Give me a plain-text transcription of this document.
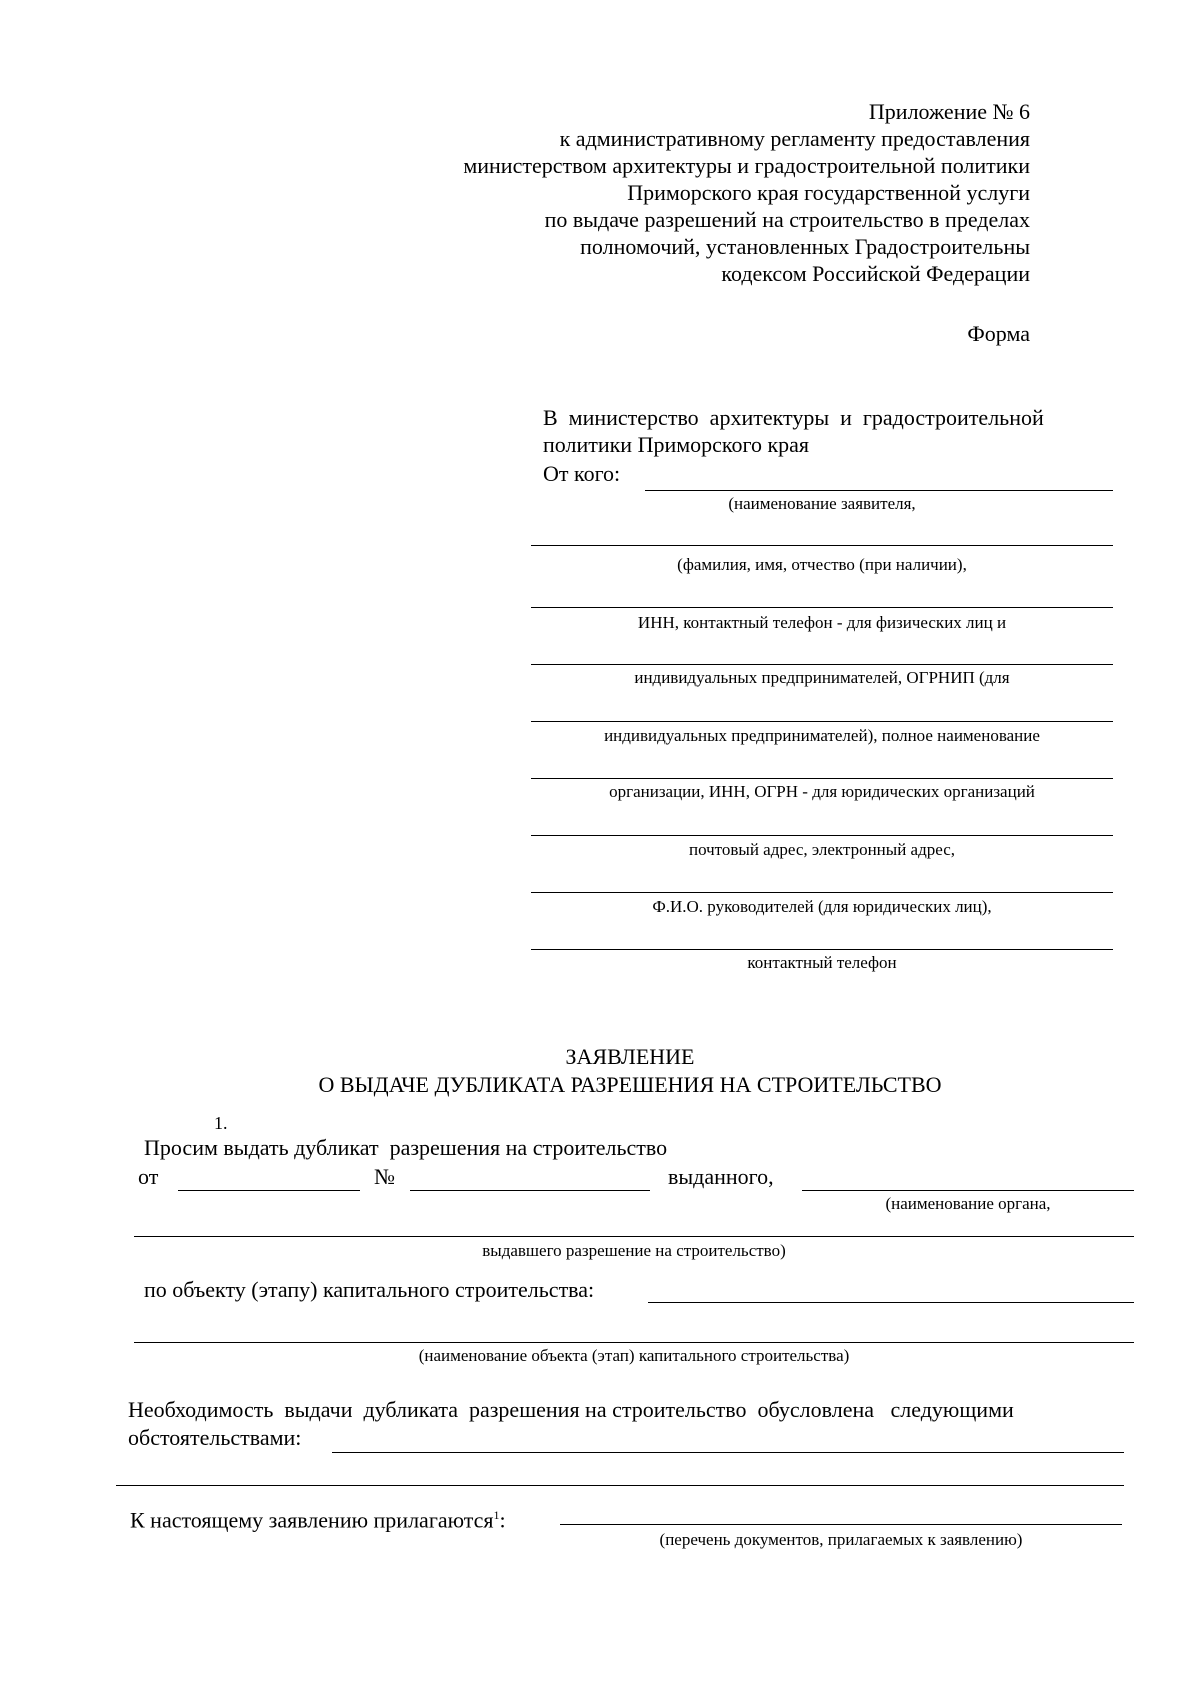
Приложение № 6
к административному регламенту предоставления
министерством архитектуры и градостроительной политики
Приморского края государственной услуги
по выдаче разрешений на строительство в пределах
полномочий, установленных Градостроительны
кодексом Российской Федерации
Форма
В  министерство  архитектуры  и  градостроительной
политики Приморского края
От кого:
(наименование заявителя,
(фамилия, имя, отчество (при наличии),
ИНН, контактный телефон - для физических лиц и
индивидуальных предпринимателей, ОГРНИП (для
индивидуальных предпринимателей), полное наименование
организации, ИНН, ОГРН - для юридических организаций
почтовый адрес, электронный адрес,
Ф.И.О. руководителей (для юридических лиц),
контактный телефон
ЗАЯВЛЕНИЕ
О ВЫДАЧЕ ДУБЛИКАТА РАЗРЕШЕНИЯ НА СТРОИТЕЛЬСТВО
1.
Просим выдать дубликат  разрешения на строительство
от	№	выданного,
(наименование органа,
выдавшего разрешение на строительство)
по объекту (этапу) капитального строительства:
(наименование объекта (этап) капитального строительства)
Необходимость  выдачи  дубликата  разрешения на строительство  обусловлена   следующими
обстоятельствами:
К настоящему заявлению прилагаются$^1$:
(перечень документов, прилагаемых к заявлению)
